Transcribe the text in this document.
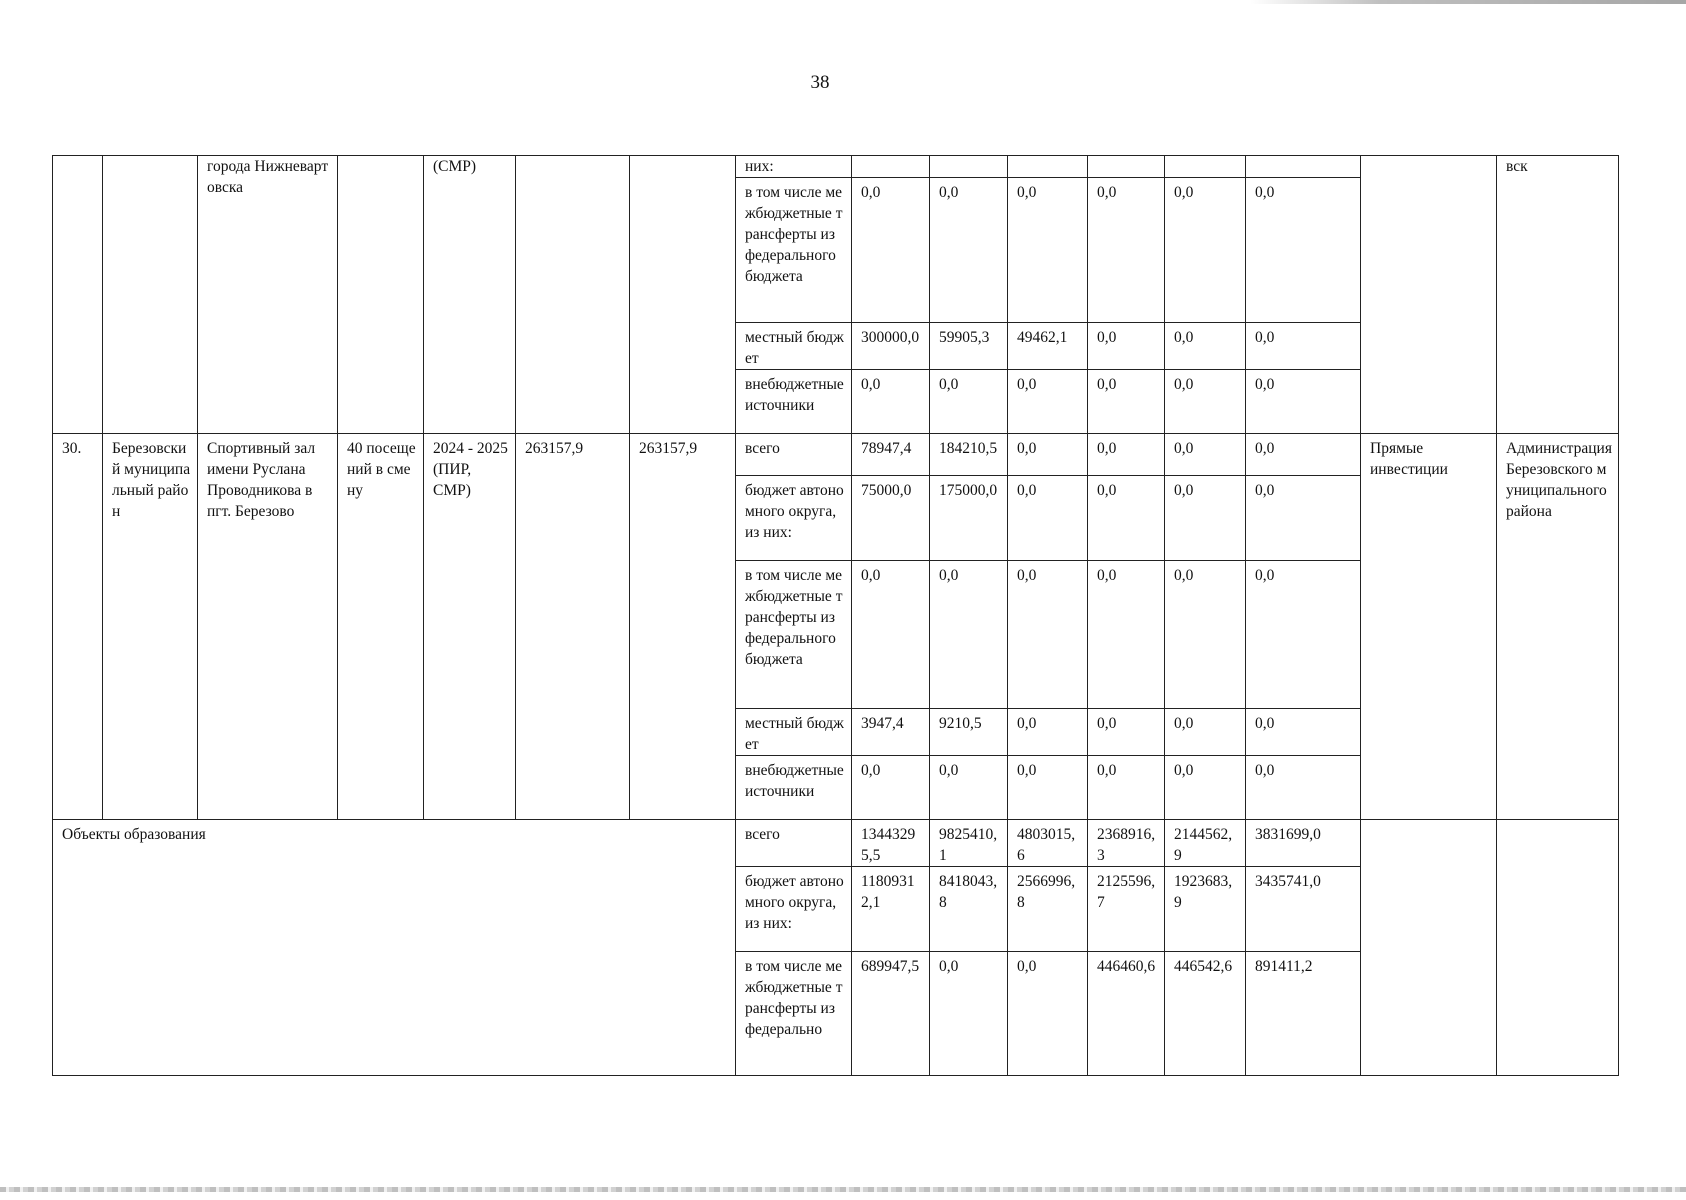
38
		города Нижневартовска		(СМР)			них:								вск
							в том числе межбюджетные трансферты из федерального бюджета	0,0	0,0	0,0	0,0	0,0	0,0		
							местный бюджет	300000,0	59905,3	49462,1	0,0	0,0	0,0		
							внебюджетные источники	0,0	0,0	0,0	0,0	0,0	0,0		
30.	Березовский муниципальный район	Спортивный зал имени Руслана Проводникова в пгт. Березово	40 посещений в смену	2024 - 2025 (ПИР, СМР)	263157,9	263157,9	всего	78947,4	184210,5	0,0	0,0	0,0	0,0	Прямые инвестиции	Администрация Березовского муниципального района
							бюджет автономного округа, из них:	75000,0	175000,0	0,0	0,0	0,0	0,0		
							в том числе межбюджетные трансферты из федерального бюджета	0,0	0,0	0,0	0,0	0,0	0,0		
							местный бюджет	3947,4	9210,5	0,0	0,0	0,0	0,0		
							внебюджетные источники	0,0	0,0	0,0	0,0	0,0	0,0		
Объекты образования							всего	13443295,5	9825410,1	4803015,6	2368916,3	2144562,9	3831699,0		
							бюджет автономного округа, из них:	11809312,1	8418043,8	2566996,8	2125596,7	1923683,9	3435741,0		
							в том числе межбюджетные трансферты из федерально	689947,5	0,0	0,0	446460,6	446542,6	891411,2		
